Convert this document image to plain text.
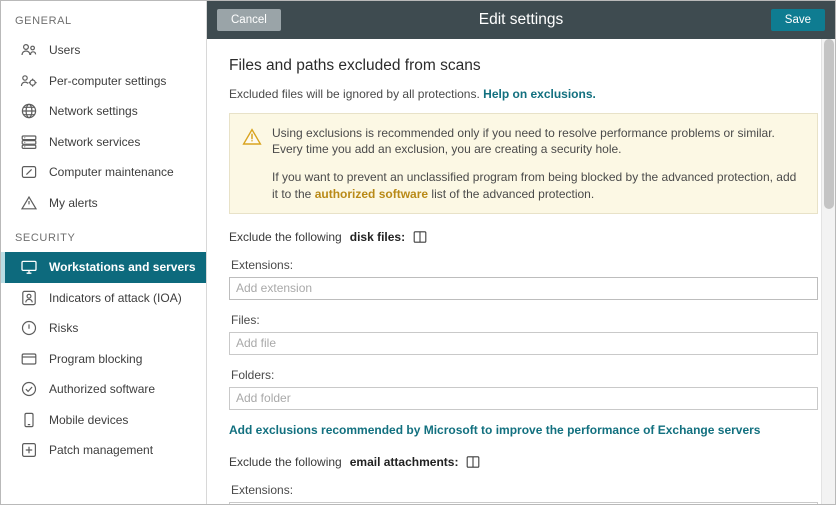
GENERAL
Users
Per-computer settings
Network settings
Network services
Computer maintenance
My alerts
SECURITY
Workstations and servers
Indicators of attack (IOA)
Risks
Program blocking
Authorized software
Mobile devices
Patch management
Cancel	Edit settings	Save
Files and paths excluded from scans
Excluded files will be ignored by all protections. Help on exclusions.

Using exclusions is recommended only if you need to resolve performance problems or similar. Every time you add an exclusion, you are creating a security hole.

If you want to prevent an unclassified program from being blocked by the advanced protection, add it to the authorized software list of the advanced protection.

Exclude the following disk files:
Extensions:
Add extension
Files:
Add file
Folders:
Add folder
Add exclusions recommended by Microsoft to improve the performance of Exchange servers
Exclude the following email attachments:
Extensions:
Add extension
